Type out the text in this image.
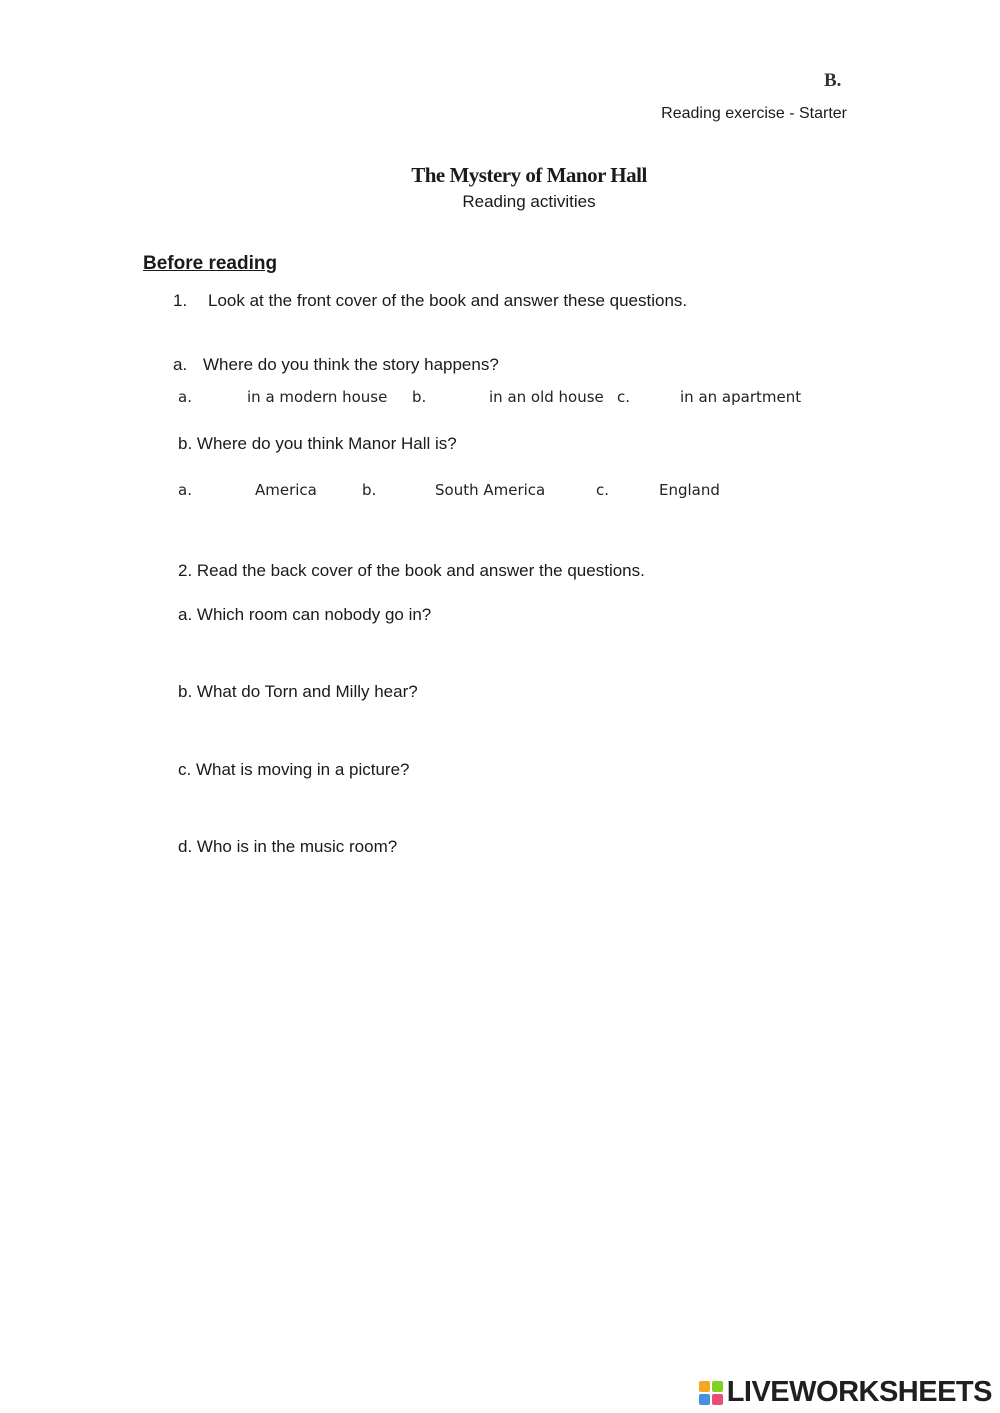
B.
Reading exercise - Starter
The Mystery of Manor Hall
Reading activities
Before reading
1. Look at the front cover of the book and answer these questions.
a. Where do you think the story happens?
a.	in a modern house b.	in an old house c.	in an apartment
b. Where do you think Manor Hall is?
a.	America	b.	South America	c.	England
2. Read the back cover of the book and answer the questions.
a. Which room can nobody go in?
b. What do Torn and Milly hear?
c. What is moving in a picture?
d. Who is in the music room?
LIVEWORKSHEETS
